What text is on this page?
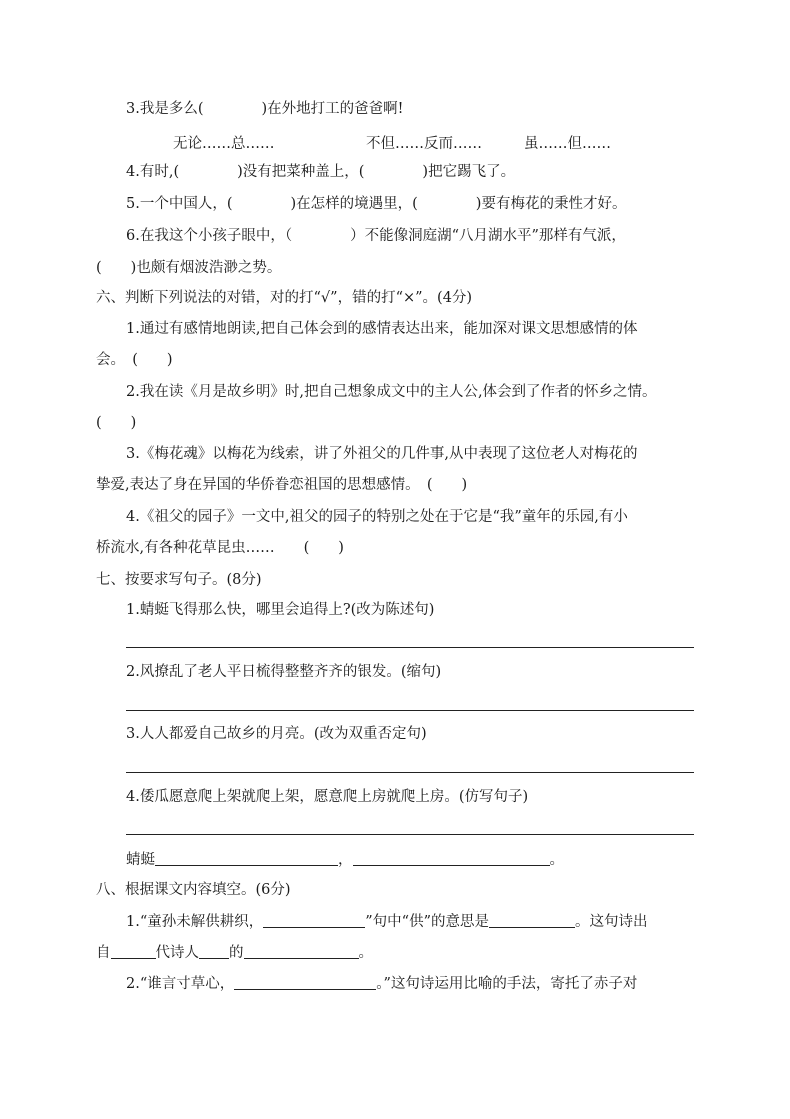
3.我是多么(　　　　)在外地打工的爸爸啊!
无论……总……	不但……反而……	虽……但……
4.有时,(　　　　)没有把菜种盖上，(　　　　)把它踢飞了。
5.一个中国人，(　　　　)在怎样的境遇里，(　　　　)要有梅花的秉性才好。
6.在我这个小孩子眼中，（　　　　）不能像洞庭湖“八月湖水平”那样有气派，
(　　)也颇有烟波浩渺之势。
六、判断下列说法的对错，对的打“√”，错的打“×”。(4分)
1.通过有感情地朗读,把自己体会到的感情表达出来，能加深对课文思想感情的体
会。　(　　)
2.我在读《月是故乡明》时,把自己想象成文中的主人公,体会到了作者的怀乡之情。
(　　)
3.《梅花魂》以梅花为线索，讲了外祖父的几件事,从中表现了这位老人对梅花的
挚爱,表达了身在异国的华侨眷恋祖国的思想感情。　(　　)
4.《祖父的园子》一文中,祖父的园子的特别之处在于它是“我”童年的乐园,有小
桥流水,有各种花草昆虫……　　(　　)
七、按要求写句子。(8分)
1.蜻蜓飞得那么快，哪里会追得上?(改为陈述句)
2.风撩乱了老人平日梳得整整齐齐的银发。(缩句)
3.人人都爱自己故乡的月亮。(改为双重否定句)
4.倭瓜愿意爬上架就爬上架，愿意爬上房就爬上房。(仿写句子)
蜻蜓	，	。
八、根据课文内容填空。(6分)
1.“童孙未解供耕织，	”句中“供”的意思是	。这句诗出
自	代诗人 的	。
2.“谁言寸草心，	。”这句诗运用比喻的手法，寄托了赤子对
